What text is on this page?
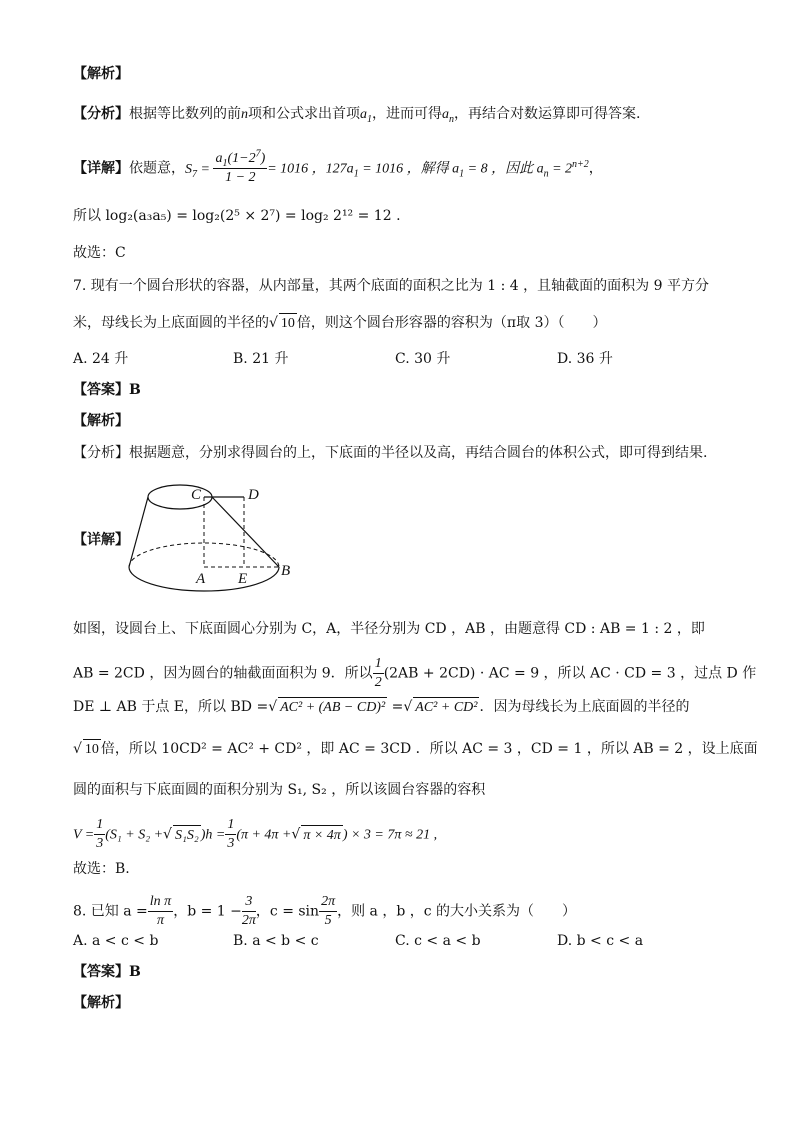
【解析】
【分析】根据等比数列的前n项和公式求出首项$a_1$，进而可得$a_n$，再结合对数运算即可得答案.
【详解】依题意，$S_7 = \frac{a_1(1-2^7)}{1 - 2} = 1016$ ，$127a_1 = 1016$ ，解得 $a_1 = 8$ ，因此 $a_n = 2^{n+2}$，
所以 log₂(a₃a₅) = log₂(2⁵ × 2⁷) = log₂ 2¹² = 12 .
故选：C
7. 现有一个圆台形状的容器，从内部量，其两个底面的面积之比为 1 : 4 ，且轴截面的面积为 9 平方分
米，母线长为上底面圆的半径的√ 10 倍，则这个圆台形容器的容积为（π取 3）（　　）
A. 24 升	B. 21 升	C. 30 升	D. 36 升
【答案】B
【解析】
【分析】根据题意，分别求得圆台的上，下底面的半径以及高，再结合圆台的体积公式，即可得到结果.
【详解】
C	D
A E B
如图，设圆台上、下底面圆心分别为 C，A，半径分别为 CD ，AB ，由题意得 CD : AB = 1 : 2 ，即
AB = 2CD ，因为圆台的轴截面面积为 9．所以 $\frac{1}{2} (2AB + 2CD)$ · AC = 9 ，所以 AC · CD = 3 ，过点 D 作
DE ⊥ AB 于点 E，所以 BD =√ AC² + (AB − CD)² =√ AC² + CD² ．因为母线长为上底面圆的半径的
√ 10 倍，所以 10CD² = AC² + CD² ，即 AC = 3CD ．所以 AC = 3 ，CD = 1 ，所以 AB = 2 ，设上底面
圆的面积与下底面圆的面积分别为 S₁, S₂ ，所以该圆台容器的容积
$V = \frac{1}{3} (S_1 + S_2$ +√ S₁S₂ )$h = \frac{1}{3} (\pi + 4\pi$ +√ π × 4π ) × 3 = 7π ≈ 21 ,
故选：B.
8. 已知 $a = \frac{\text{ln π}}{\pi}$ ，$b = 1 - \frac{3}{2\pi}$ ，$c = \sin \frac{2\pi}{5}$ ，则 a ，b ，c 的大小关系为（　　）
A. a < c < b	B. a < b < c	C. c < a < b	D. b < c < a
【答案】B
【解析】
